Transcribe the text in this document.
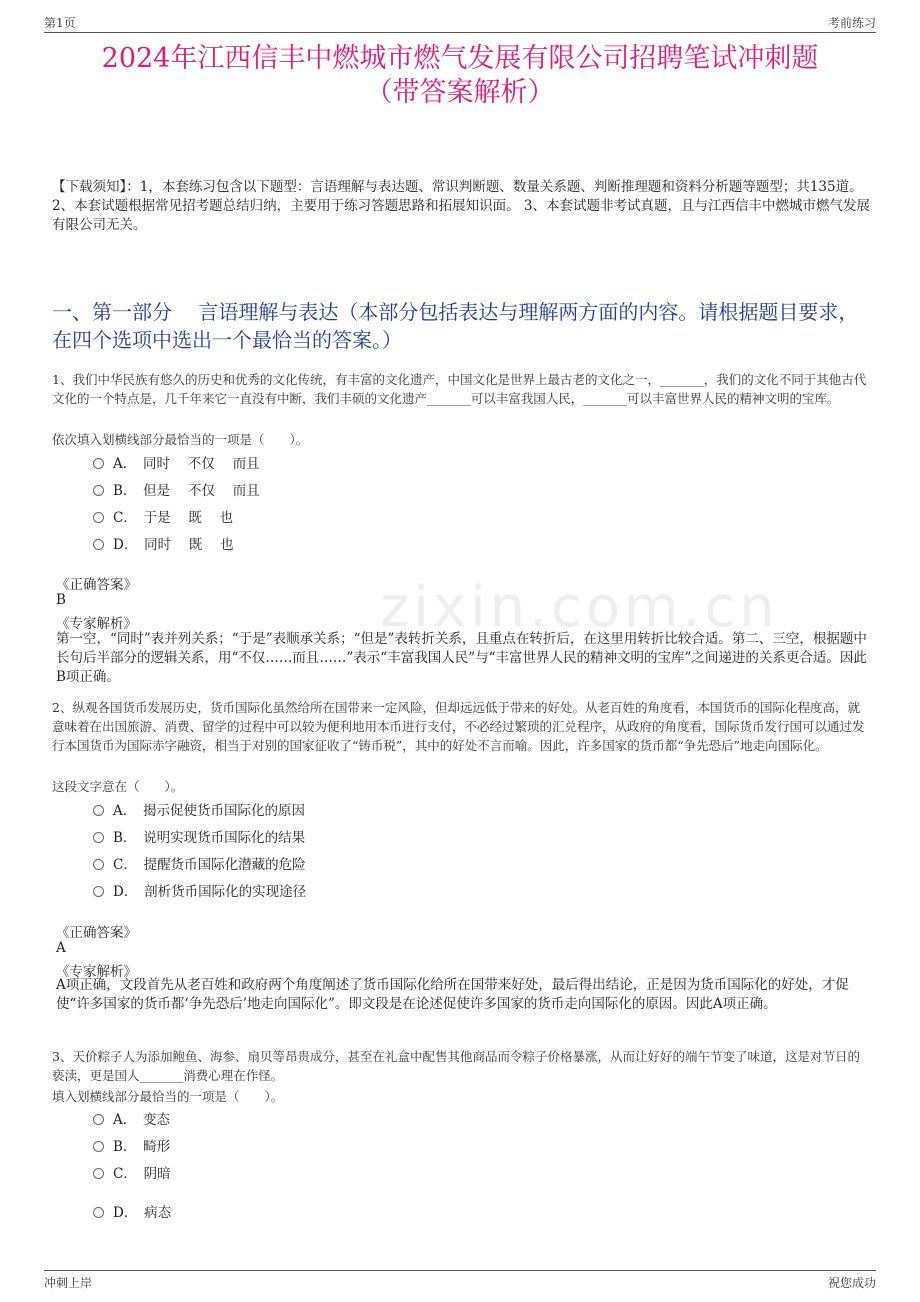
第1页	考前练习
zixin.com.cn
2024年江西信丰中燃城市燃气发展有限公司招聘笔试冲刺题
（带答案解析）
【下载须知】：1，本套练习包含以下题型：言语理解与表达题、常识判断题、数量关系题、判断推理题和资料分析题等题型；共135道。 2、本套试题根据常见招考题总结归纳，主要用于练习答题思路和拓展知识面。 3、本套试题非考试真题，且与江西信丰中燃城市燃气发展有限公司无关。
一、第一部分　 言语理解与表达（本部分包括表达与理解两方面的内容。请根据题目要求，在四个选项中选出一个最恰当的答案。）
1、我们中华民族有悠久的历史和优秀的文化传统，有丰富的文化遗产，中国文化是世界上最古老的文化之一，_______，我们的文化不同于其他古代文化的一个特点是，几千年来它一直没有中断，我们丰硕的文化遗产_______可以丰富我国人民，_______可以丰富世界人民的精神文明的宝库。
依次填入划横线部分最恰当的一项是（　　）。
A．　同时　 不仅　 而且
B．　但是　 不仅　 而且
C．　于是　 既　 也
D．　同时　 既　 也
《正确答案》
B
《专家解析》
第一空，“同时”表并列关系；“于是”表顺承关系；“但是”表转折关系，且重点在转折后，在这里用转折比较合适。第二、三空，根据题中长句后半部分的逻辑关系，用“不仅……而且……”表示“丰富我国人民”与“丰富世界人民的精神文明的宝库”之间递进的关系更合适。因此B项正确。
2、纵观各国货币发展历史，货币国际化虽然给所在国带来一定风险，但却远远低于带来的好处。从老百姓的角度看，本国货币的国际化程度高，就意味着在出国旅游、消费、留学的过程中可以较为便利地用本币进行支付，不必经过繁琐的汇兑程序，从政府的角度看，国际货币发行国可以通过发行本国货币为国际赤字融资，相当于对别的国家征收了“铸币税”，其中的好处不言而喻。因此，许多国家的货币都“争先恐后”地走向国际化。
这段文字意在（　　）。
A．　揭示促使货币国际化的原因
B．　说明实现货币国际化的结果
C．　提醒货币国际化潜藏的危险
D．　剖析货币国际化的实现途径
《正确答案》
A
《专家解析》
A项正确，文段首先从老百姓和政府两个角度阐述了货币国际化给所在国带来好处，最后得出结论，正是因为货币国际化的好处，才促使“许多国家的货币都‘争先恐后’地走向国际化”。即文段是在论述促使许多国家的货币走向国际化的原因。因此A项正确。
3、天价粽子人为添加鲍鱼、海参、扇贝等昂贵成分，甚至在礼盒中配售其他商品而令粽子价格暴涨，从而让好好的端午节变了味道，这是对节日的亵渎，更是国人_______消费心理在作怪。
填入划横线部分最恰当的一项是（　　）。
A．　变态
B．　畸形
C．　阴暗
D．　病态
冲刺上岸	祝您成功
